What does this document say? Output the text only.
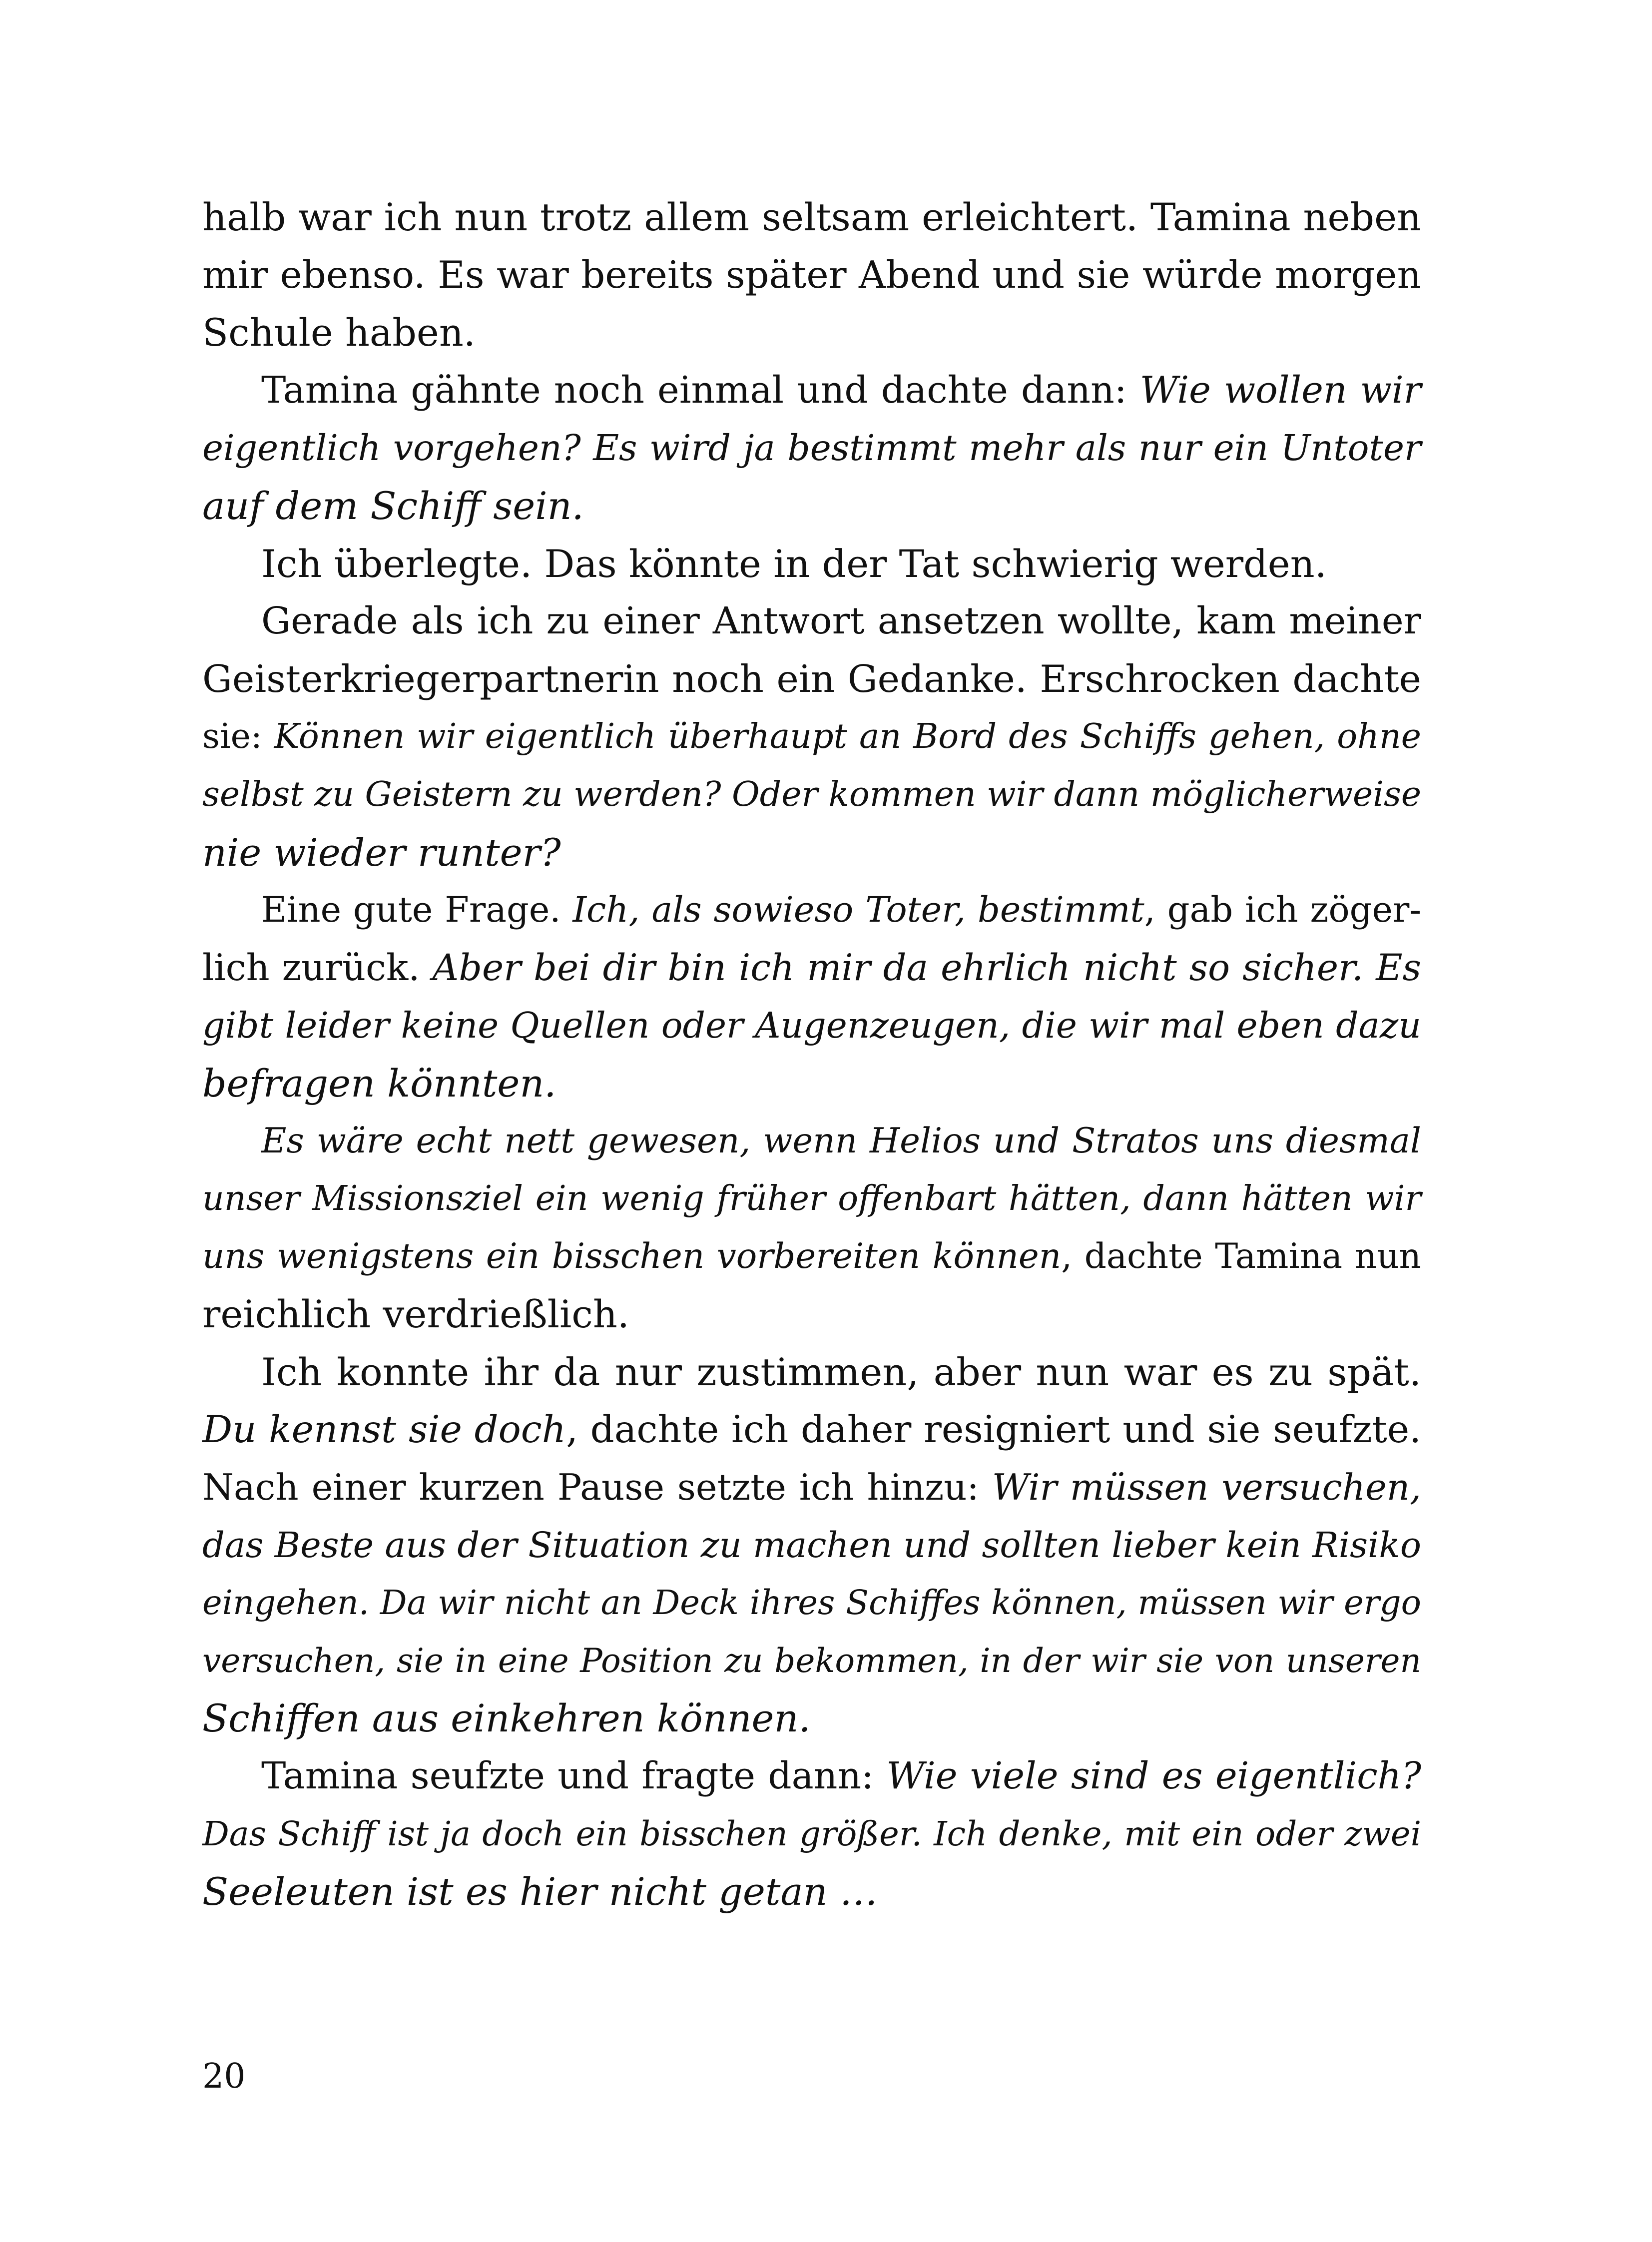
halb war ich nun trotz allem seltsam erleichtert. Tamina neben
mir ebenso. Es war bereits später Abend und sie würde morgen
Schule haben.
Tamina gähnte noch einmal und dachte dann: Wie wollen wir
eigentlich vorgehen? Es wird ja bestimmt mehr als nur ein Untoter
auf dem Schiff sein.
Ich überlegte. Das könnte in der Tat schwierig werden.
Gerade als ich zu einer Antwort ansetzen wollte, kam meiner
Geisterkriegerpartnerin noch ein Gedanke. Erschrocken dachte
sie: Können wir eigentlich überhaupt an Bord des Schiffs gehen, ohne
selbst zu Geistern zu werden? Oder kommen wir dann möglicherweise
nie wieder runter?
Eine gute Frage. Ich, als sowieso Toter, bestimmt, gab ich zöger-
lich zurück. Aber bei dir bin ich mir da ehrlich nicht so sicher. Es
gibt leider keine Quellen oder Augenzeugen, die wir mal eben dazu
befragen könnten.
Es wäre echt nett gewesen, wenn Helios und Stratos uns diesmal
unser Missionsziel ein wenig früher offenbart hätten, dann hätten wir
uns wenigstens ein bisschen vorbereiten können, dachte Tamina nun
reichlich verdrießlich.
Ich konnte ihr da nur zustimmen, aber nun war es zu spät.
Du kennst sie doch, dachte ich daher resigniert und sie seufzte.
Nach einer kurzen Pause setzte ich hinzu: Wir müssen versuchen,
das Beste aus der Situation zu machen und sollten lieber kein Risiko
eingehen. Da wir nicht an Deck ihres Schiffes können, müssen wir ergo
versuchen, sie in eine Position zu bekommen, in der wir sie von unseren
Schiffen aus einkehren können.
Tamina seufzte und fragte dann: Wie viele sind es eigentlich?
Das Schiff ist ja doch ein bisschen größer. Ich denke, mit ein oder zwei
Seeleuten ist es hier nicht getan …
20
